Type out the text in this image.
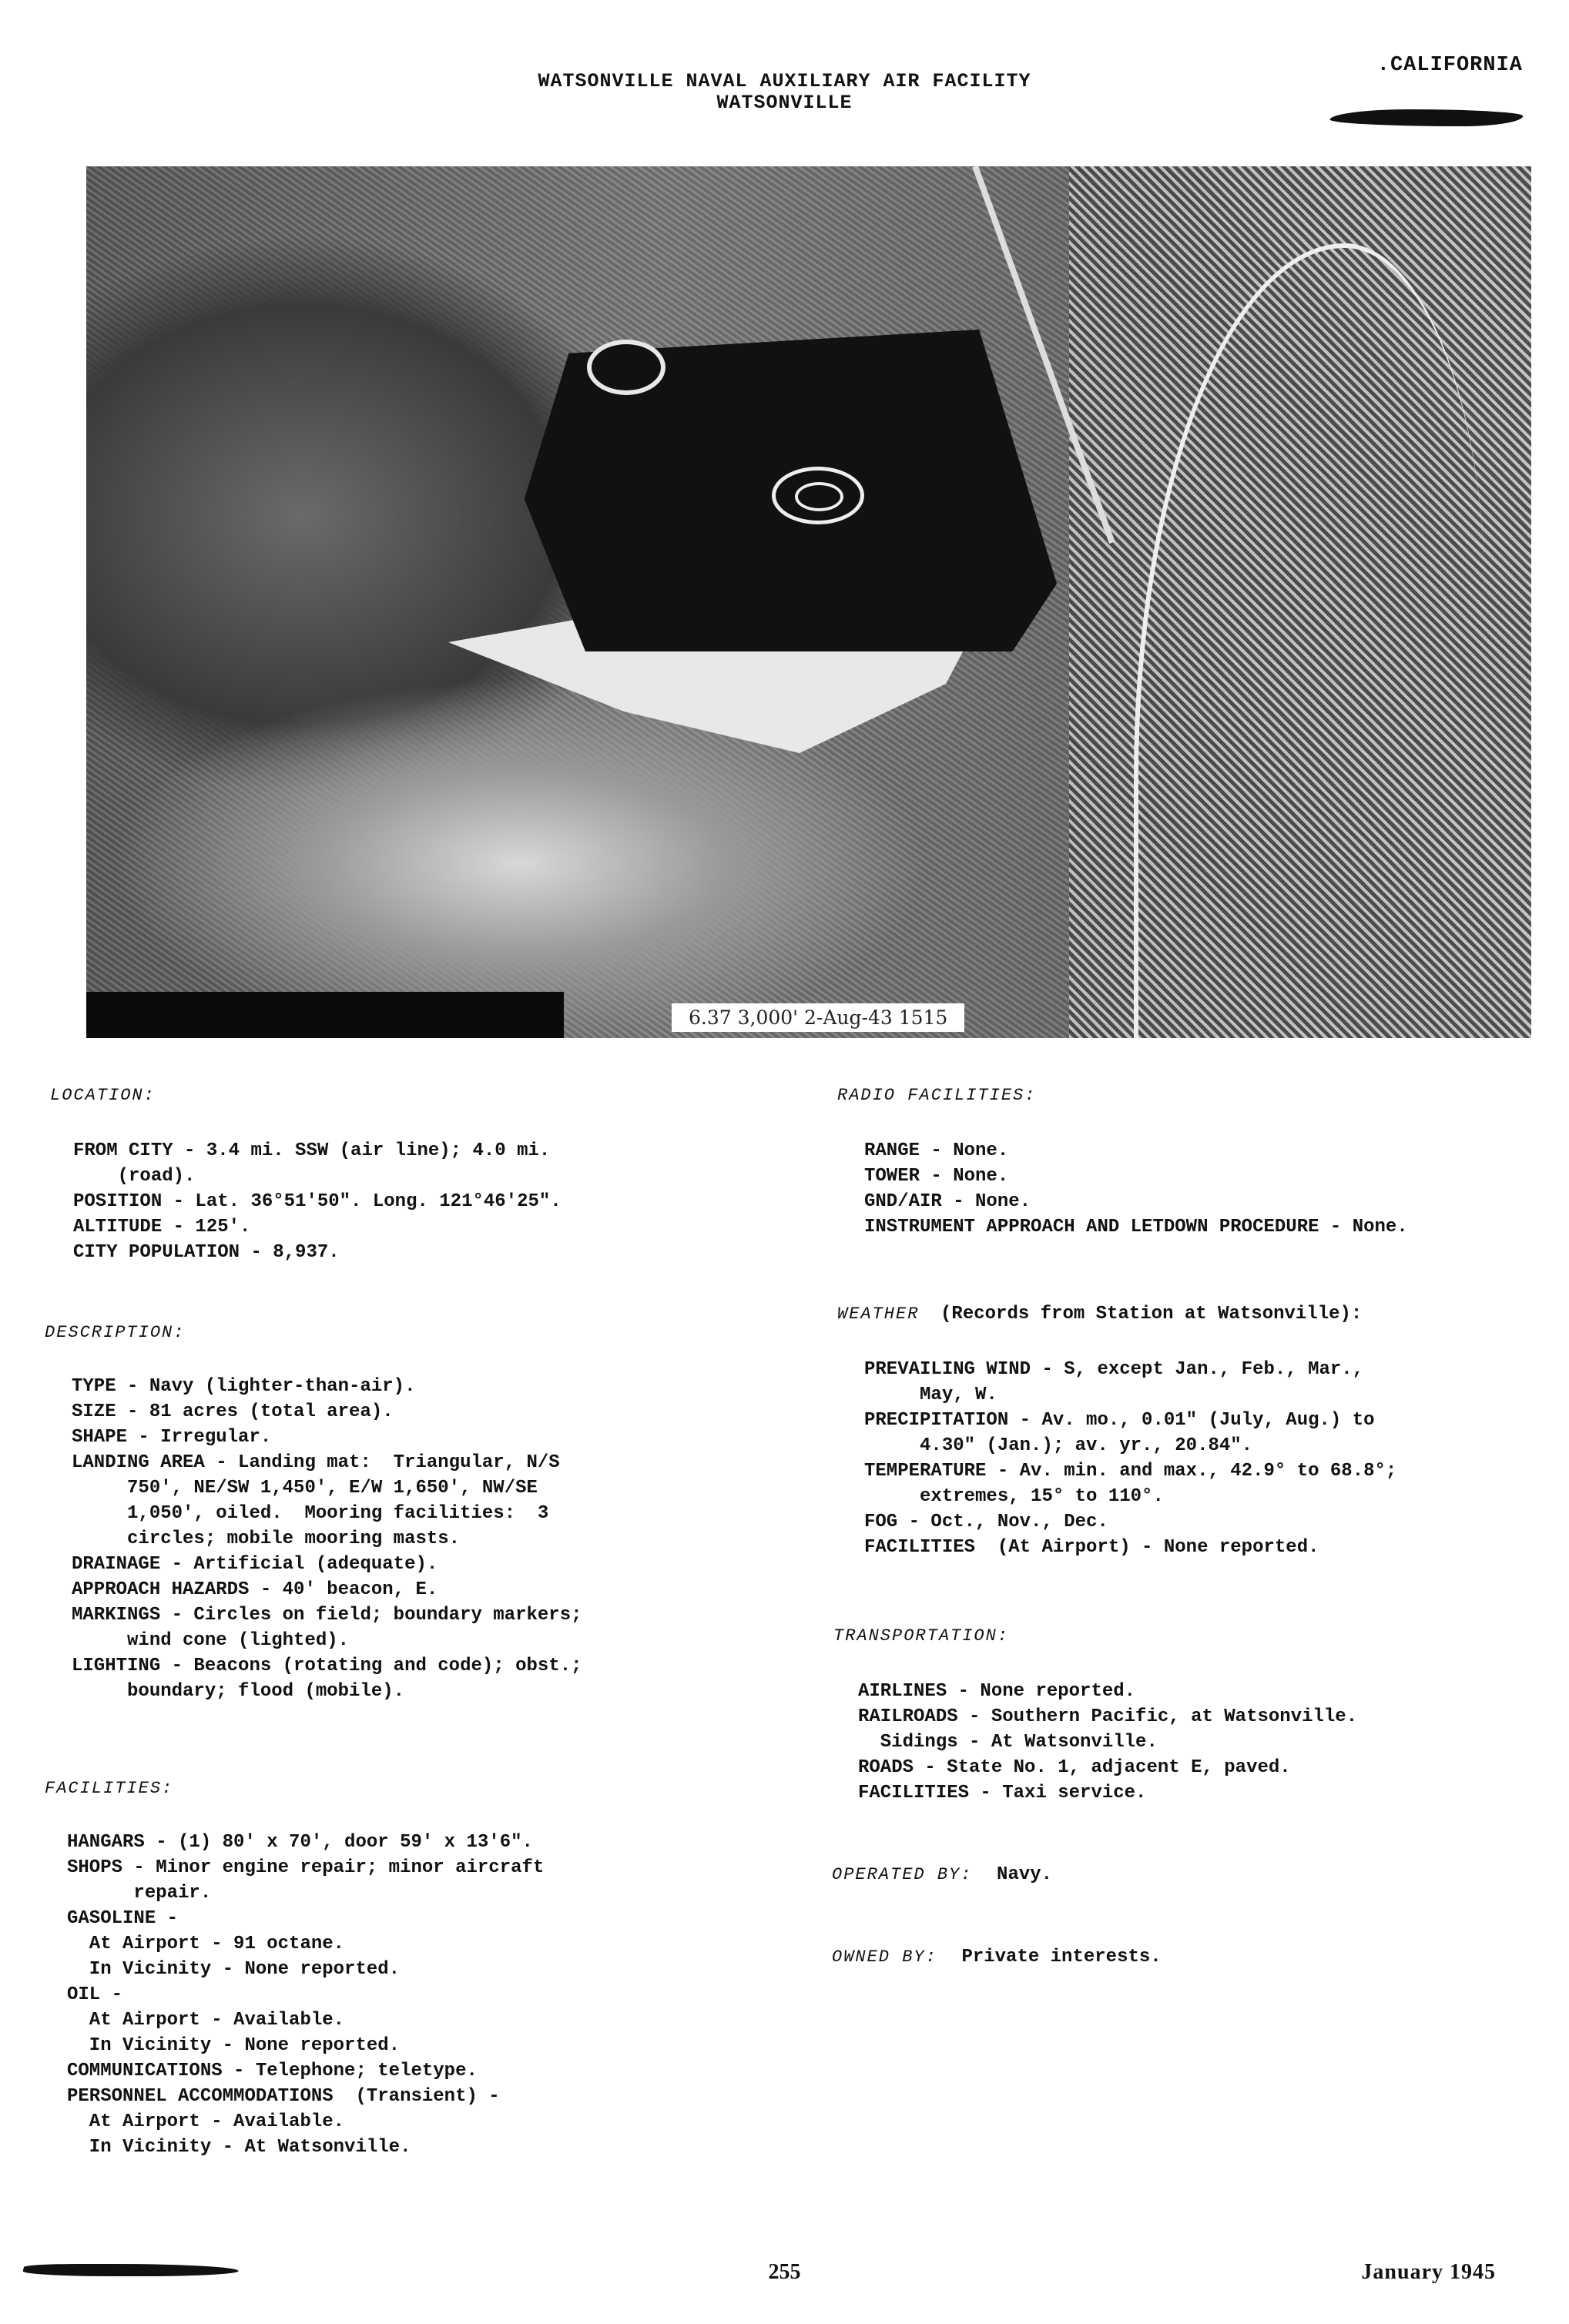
WATSONVILLE NAVAL AUXILIARY AIR FACILITY
WATSONVILLE
.CALIFORNIA
6.37 3,000' 2-Aug-43 1515
LOCATION:
FROM CITY - 3.4 mi. SSW (air line); 4.0 mi.
(road).
POSITION - Lat. 36°51'50". Long. 121°46'25".
ALTITUDE - 125'.
CITY POPULATION - 8,937.
DESCRIPTION:
TYPE - Navy (lighter-than-air).
SIZE - 81 acres (total area).
SHAPE - Irregular.
LANDING AREA - Landing mat:  Triangular, N/S
750', NE/SW 1,450', E/W 1,650', NW/SE
1,050', oiled.  Mooring facilities:  3
circles; mobile mooring masts.
DRAINAGE - Artificial (adequate).
APPROACH HAZARDS - 40' beacon, E.
MARKINGS - Circles on field; boundary markers;
wind cone (lighted).
LIGHTING - Beacons (rotating and code); obst.;
boundary; flood (mobile).
FACILITIES:
HANGARS - (1) 80' x 70', door 59' x 13'6".
SHOPS - Minor engine repair; minor aircraft
repair.
GASOLINE -
At Airport - 91 octane.
In Vicinity - None reported.
OIL -
At Airport - Available.
In Vicinity - None reported.
COMMUNICATIONS - Telephone; teletype.
PERSONNEL ACCOMMODATIONS  (Transient) -
At Airport - Available.
In Vicinity - At Watsonville.
RADIO FACILITIES:
RANGE - None.
TOWER - None.
GND/AIR - None.
INSTRUMENT APPROACH AND LETDOWN PROCEDURE - None.
WEATHER (Records from Station at Watsonville):
PREVAILING WIND - S, except Jan., Feb., Mar.,
May, W.
PRECIPITATION - Av. mo., 0.01" (July, Aug.) to
4.30" (Jan.); av. yr., 20.84".
TEMPERATURE - Av. min. and max., 42.9° to 68.8°;
extremes, 15° to 110°.
FOG - Oct., Nov., Dec.
FACILITIES  (At Airport) - None reported.
TRANSPORTATION:
AIRLINES - None reported.
RAILROADS - Southern Pacific, at Watsonville.
Sidings - At Watsonville.
ROADS - State No. 1, adjacent E, paved.
FACILITIES - Taxi service.
OPERATED BY: Navy.
OWNED BY: Private interests.
255	January 1945
